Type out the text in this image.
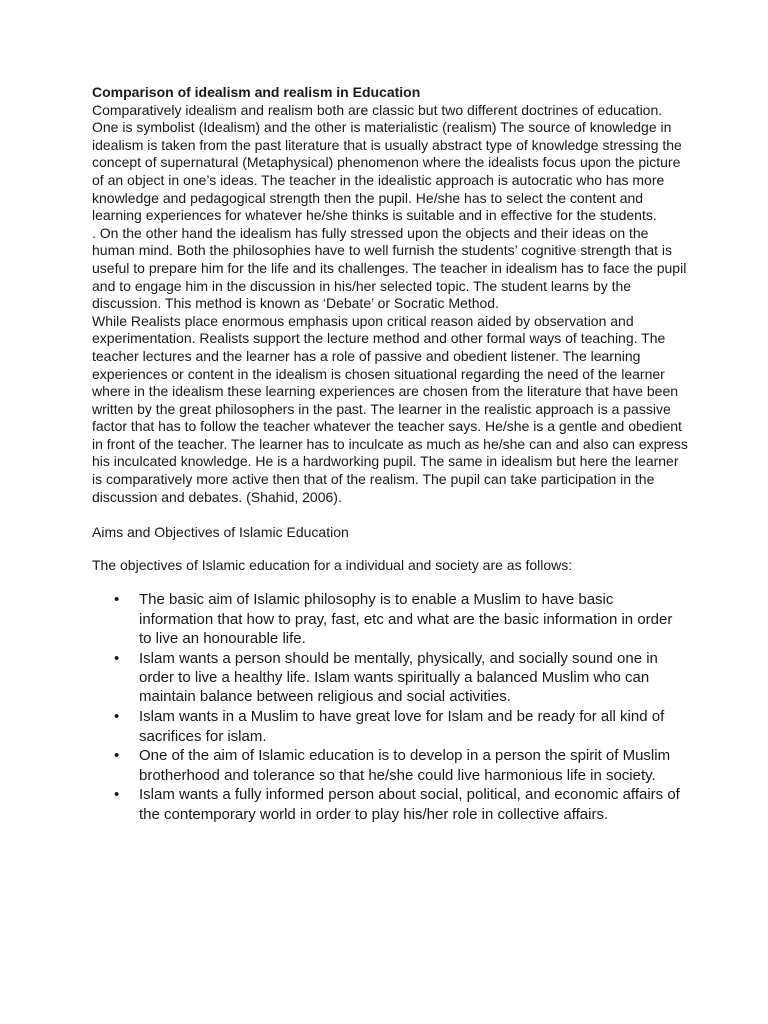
Comparison of idealism and realism in Education

Comparatively idealism and realism both are classic but two different doctrines of education. One is symbolist (Idealism) and the other is materialistic (realism) The source of knowledge in idealism is taken from the past literature that is usually abstract type of knowledge stressing the concept of supernatural (Metaphysical) phenomenon where the idealists focus upon the picture of an object in one’s ideas. The teacher in the idealistic approach is autocratic who has more knowledge and pedagogical strength then the pupil. He/she has to select the content and learning experiences for whatever he/she thinks is suitable and in effective for the students.

. On the other hand the idealism has fully stressed upon the objects and their ideas on the human mind. Both the philosophies have to well furnish the students’ cognitive strength that is useful to prepare him for the life and its challenges. The teacher in idealism has to face the pupil and to engage him in the discussion in his/her selected topic. The student learns by the discussion. This method is known as ‘Debate’ or Socratic Method.

While Realists place enormous emphasis upon critical reason aided by observation and experimentation. Realists support the lecture method and other formal ways of teaching. The teacher lectures and the learner has a role of passive and obedient listener. The learning experiences or content in the idealism is chosen situational regarding the need of the learner where in the idealism these learning experiences are chosen from the literature that have been written by the great philosophers in the past. The learner in the realistic approach is a passive factor that has to follow the teacher whatever the teacher says. He/she is a gentle and obedient in front of the teacher. The learner has to inculcate as much as he/she can and also can express his inculcated knowledge. He is a hardworking pupil. The same in idealism but here the learner is comparatively more active then that of the realism. The pupil can take participation in the discussion and debates. (Shahid, 2006).

Aims and Objectives of Islamic Education

The objectives of Islamic education for a individual and society are as follows:

• The basic aim of Islamic philosophy is to enable a Muslim to have basic information that how to pray, fast, etc and what are the basic information in order to live an honourable life.
• Islam wants a person should be mentally, physically, and socially sound one in order to live a healthy life. Islam wants spiritually a balanced Muslim who can maintain balance between religious and social activities.
• Islam wants in a Muslim to have great love for Islam and be ready for all kind of sacrifices for islam.
• One of the aim of Islamic education is to develop in a person the spirit of Muslim brotherhood and tolerance so that he/she could live harmonious life in society.
• Islam wants a fully informed person about social, political, and economic affairs of the contemporary world in order to play his/her role in collective affairs.
